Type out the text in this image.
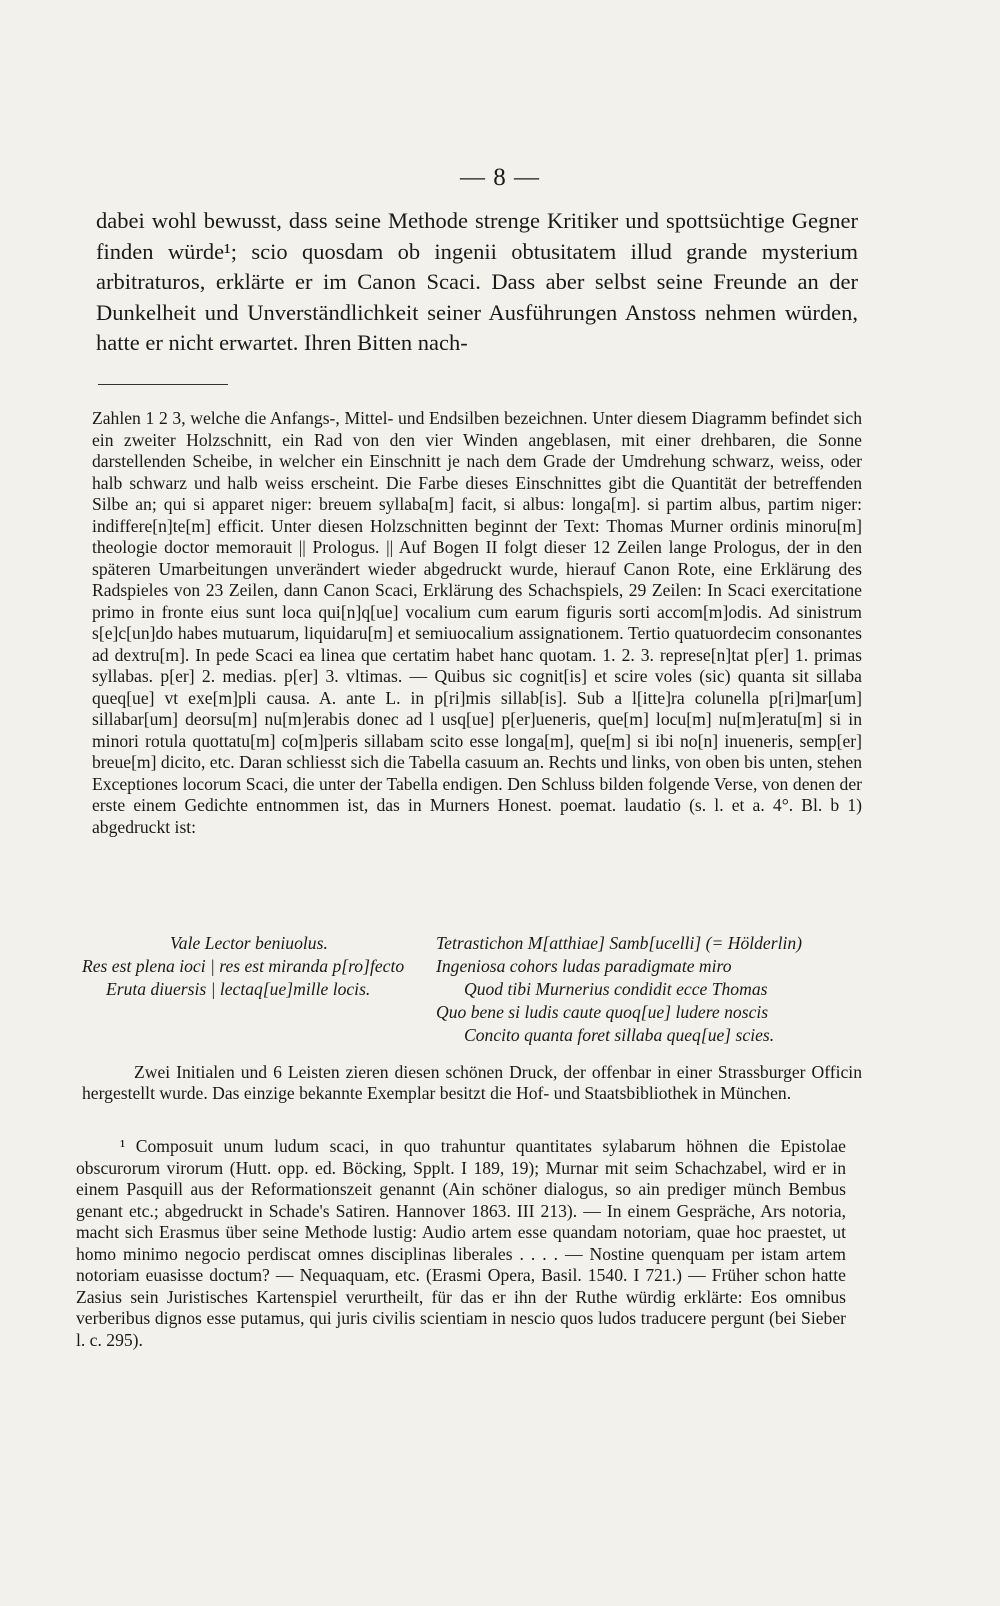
— 8 —

dabei wohl bewusst, dass seine Methode strenge Kritiker und spottsüchtige Gegner finden würde¹; scio quosdam ob ingenii obtusitatem illud grande mysterium arbitraturos, erklärte er im Canon Scaci. Dass aber selbst seine Freunde an der Dunkelheit und Unverständlichkeit seiner Ausführungen Anstoss nehmen würden, hatte er nicht erwartet. Ihren Bitten nach-

Zahlen 1 2 3, welche die Anfangs-, Mittel- und Endsilben bezeichnen. Unter diesem Diagramm befindet sich ein zweiter Holzschnitt, ein Rad von den vier Winden angeblasen, mit einer drehbaren, die Sonne darstellenden Scheibe, in welcher ein Einschnitt je nach dem Grade der Umdrehung schwarz, weiss, oder halb schwarz und halb weiss erscheint. Die Farbe dieses Einschnittes gibt die Quantität der betreffenden Silbe an; qui si apparet niger: breuem syllaba[m] facit, si albus: longa[m]. si partim albus, partim niger: indiffere[n]te[m] efficit. Unter diesen Holzschnitten beginnt der Text: Thomas Murner ordinis minoru[m] theologie doctor memorauit || Prologus. || Auf Bogen II folgt dieser 12 Zeilen lange Prologus, der in den späteren Umarbeitungen unverändert wieder abgedruckt wurde, hierauf Canon Rote, eine Erklärung des Radspieles von 23 Zeilen, dann Canon Scaci, Erklärung des Schachspiels, 29 Zeilen: In Scaci exercitatione primo in fronte eius sunt loca qui[n]q[ue] vocalium cum earum figuris sorti accom[m]odis. Ad sinistrum s[e]c[un]do habes mutuarum, liquidaru[m] et semiuocalium assignationem. Tertio quatuordecim consonantes ad dextru[m]. In pede Scaci ea linea que certatim habet hanc quotam. 1. 2. 3. represe[n]tat p[er] 1. primas syllabas. p[er] 2. medias. p[er] 3. vltimas. — Quibus sic cognit[is] et scire voles (sic) quanta sit sillaba queq[ue] vt exe[m]pli causa. A. ante L. in p[ri]mis sillab[is]. Sub a l[itte]ra colunella p[ri]mar[um] sillabar[um] deorsu[m] nu[m]erabis donec ad l usq[ue] p[er]ueneris, que[m] locu[m] nu[m]eratu[m] si in minori rotula quottatu[m] co[m]peris sillabam scito esse longa[m], que[m] si ibi no[n] inueneris, semp[er] breue[m] dicito, etc. Daran schliesst sich die Tabella casuum an. Rechts und links, von oben bis unten, stehen Exceptiones locorum Scaci, die unter der Tabella endigen. Den Schluss bilden folgende Verse, von denen der erste einem Gedichte entnommen ist, das in Murners Honest. poemat. laudatio (s. l. et a. 4°. Bl. b 1) abgedruckt ist:

Vale Lector beniuolus.
Res est plena ioci | res est miranda p[ro]fecto
Eruta diuersis | lectaq[ue]mille locis.
Tetrastichon M[atthiae] Samb[ucelli] (= Hölderlin)
Ingeniosa cohors ludas paradigmate miro
Quod tibi Murnerius condidit ecce Thomas
Quo bene si ludis caute quoq[ue] ludere noscis
Concito quanta foret sillaba queq[ue] scies.

Zwei Initialen und 6 Leisten zieren diesen schönen Druck, der offenbar in einer Strassburger Officin hergestellt wurde. Das einzige bekannte Exemplar besitzt die Hof- und Staatsbibliothek in München.

¹ Composuit unum ludum scaci, in quo trahuntur quantitates sylabarum höhnen die Epistolae obscurorum virorum (Hutt. opp. ed. Böcking, Spplt. I 189, 19); Murnar mit seim Schachzabel, wird er in einem Pasquill aus der Reformationszeit genannt (Ain schöner dialogus, so ain prediger münch Bembus genant etc.; abgedruckt in Schade's Satiren. Hannover 1863. III 213). — In einem Gespräche, Ars notoria, macht sich Erasmus über seine Methode lustig: Audio artem esse quandam notoriam, quae hoc praestet, ut homo minimo negocio perdiscat omnes disciplinas liberales . . . . — Nostine quenquam per istam artem notoriam euasisse doctum? — Nequaquam, etc. (Erasmi Opera, Basil. 1540. I 721.) — Früher schon hatte Zasius sein Juristisches Kartenspiel verurtheilt, für das er ihn der Ruthe würdig erklärte: Eos omnibus verberibus dignos esse putamus, qui juris civilis scientiam in nescio quos ludos traducere pergunt (bei Sieber l. c. 295).
